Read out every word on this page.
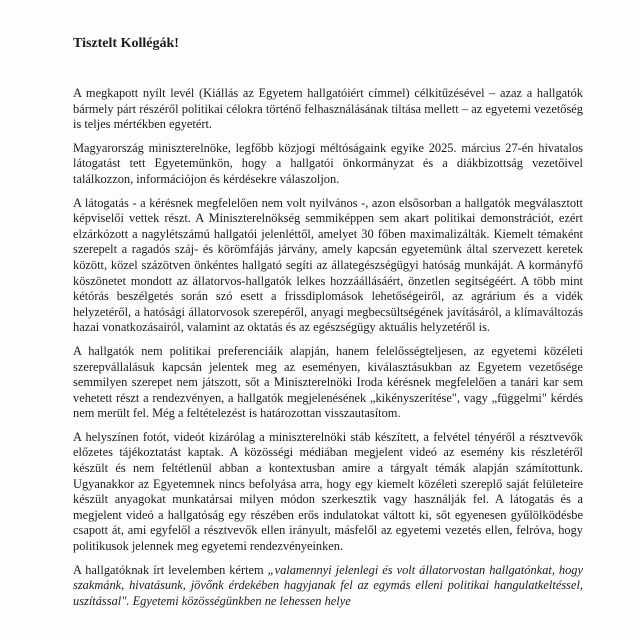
Tisztelt Kollégák!

A megkapott nyílt levél (Kiállás az Egyetem hallgatóiért címmel) célkitűzésével – azaz a hallgatók bármely párt részéről politikai célokra történő felhasználásának tiltása mellett – az egyetemi vezetőség is teljes mértékben egyetért.

Magyarország miniszterelnöke, legfőbb közjogi méltóságaink egyike 2025. március 27-én hivatalos látogatást tett Egyetemünkön, hogy a hallgatói önkormányzat és a diákbizottság vezetőivel találkozzon, információjon és kérdésekre válaszoljon.

A látogatás - a kérésnek megfelelően nem volt nyilvános -, azon elsősorban a hallgatók megválasztott képviselői vettek részt. A Miniszterelnökség semmiképpen sem akart politikai demonstrációt, ezért elzárkózott a nagylétszámú hallgatói jelenléttől, amelyet 30 főben maximalizálták. Kiemelt témaként szerepelt a ragadós száj- és körömfájás járvány, amely kapcsán egyetemünk által szervezett keretek között, közel százötven önkéntes hallgató segíti az állategészségügyi hatóság munkáját. A kormányfő köszönetet mondott az állatorvos-hallgatók lelkes hozzáállásáért, önzetlen segítségéért. A több mint kétórás beszélgetés során szó esett a frissdiplomások lehetőségeiről, az agrárium és a vidék helyzetéről, a hatósági állatorvosok szerepéről, anyagi megbecsültségének javításáról, a klímaváltozás hazai vonatkozásairól, valamint az oktatás és az egészségügy aktuális helyzetéről is.

A hallgatók nem politikai preferenciáik alapján, hanem felelősségteljesen, az egyetemi közéleti szerepvállalásuk kapcsán jelentek meg az eseményen, kiválasztásukban az Egyetem vezetősége semmilyen szerepet nem játszott, sőt a Miniszterelnöki Iroda kérésnek megfelelően a tanári kar sem vehetett részt a rendezvényen, a hallgatók megjelenésének „kikényszerítése", vagy „függelmi" kérdés nem merült fel. Még a feltételezést is határozottan visszautasítom.

A helyszínen fotót, videót kizárólag a miniszterelnöki stáb készített, a felvétel tényéről a résztvevők előzetes tájékoztatást kaptak. A közösségi médiában megjelent videó az esemény kis részletéről készült és nem feltétlenül abban a kontextusban amire a tárgyalt témák alapján számítottunk. Ugyanakkor az Egyetemnek nincs befolyása arra, hogy egy kiemelt közéleti szereplő saját felületeire készült anyagokat munkatársai milyen módon szerkesztik vagy használják fel. A látogatás és a megjelent videó a hallgatóság egy részében erős indulatokat váltott ki, sőt egyenesen gyűlölködésbe csapott át, ami egyfelől a résztvevők ellen irányult, másfelől az egyetemi vezetés ellen, felróva, hogy politikusok jelennek meg egyetemi rendezvényeinken.

A hallgatóknak írt levelemben kértem „valamennyi jelenlegi és volt állatorvostan hallgatónkat, hogy szakmánk, hivatásunk, jövőnk érdekében hagyjanak fel az egymás elleni politikai hangulatkeltéssel, uszítással". Egyetemi közösségünkben ne lehessen helye
